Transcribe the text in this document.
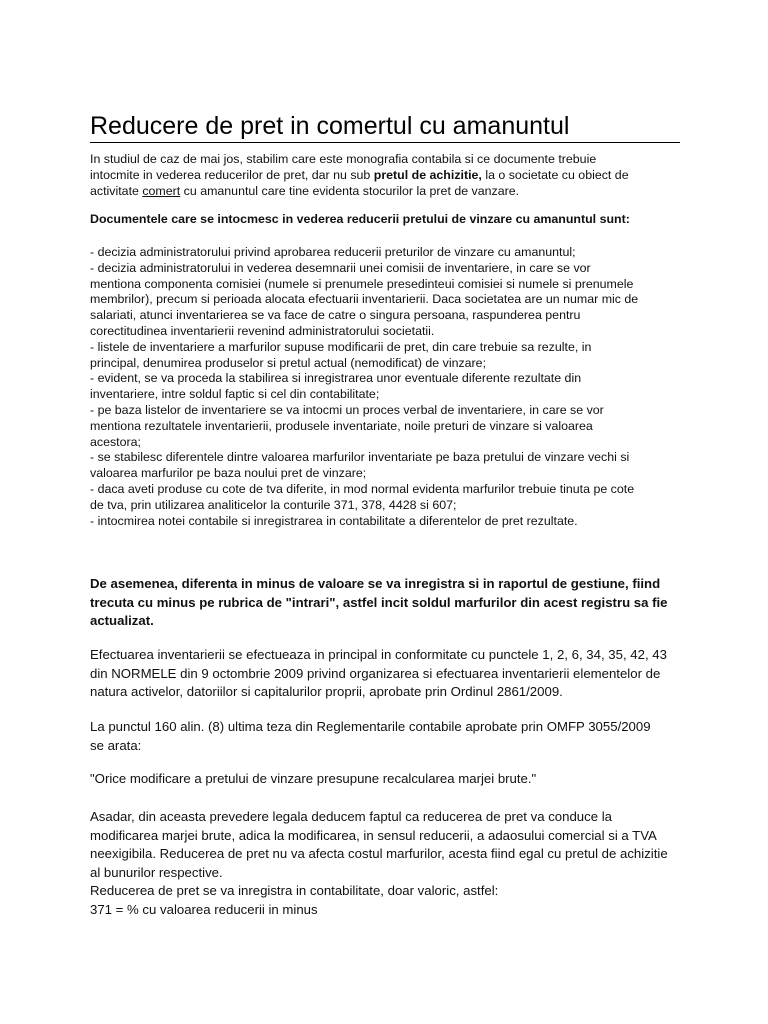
Reducere de pret in comertul cu amanuntul
In studiul de caz de mai jos, stabilim care este monografia contabila si ce documente trebuie
intocmite in vederea reducerilor de pret, dar nu sub pretul de achizitie, la o societate cu obiect de
activitate comert cu amanuntul care tine evidenta stocurilor la pret de vanzare.
Documentele care se intocmesc in vederea reducerii pretului de vinzare cu amanuntul sunt:
- decizia administratorului privind aprobarea reducerii preturilor de vinzare cu amanuntul;
- decizia administratorului in vederea desemnarii unei comisii de inventariere, in care se vor
mentiona componenta comisiei (numele si prenumele presedinteui comisiei si numele si prenumele
membrilor), precum si perioada alocata efectuarii inventarierii. Daca societatea are un numar mic de
salariati, atunci inventarierea se va face de catre o singura persoana, raspunderea pentru
corectitudinea inventarierii revenind administratorului societatii.
- listele de inventariere a marfurilor supuse modificarii de pret, din care trebuie sa rezulte, in
principal, denumirea produselor si pretul actual (nemodificat) de vinzare;
- evident, se va proceda la stabilirea si inregistrarea unor eventuale diferente rezultate din
inventariere, intre soldul faptic si cel din contabilitate;
- pe baza listelor de inventariere se va intocmi un proces verbal de inventariere, in care se vor
mentiona rezultatele inventarierii, produsele inventariate, noile preturi de vinzare si valoarea
acestora;
- se stabilesc diferentele dintre valoarea marfurilor inventariate pe baza pretului de vinzare vechi si
valoarea marfurilor pe baza noului pret de vinzare;
- daca aveti produse cu cote de tva diferite, in mod normal evidenta marfurilor trebuie tinuta pe cote
de tva, prin utilizarea analiticelor la conturile 371, 378, 4428 si 607;
- intocmirea notei contabile si inregistrarea in contabilitate a diferentelor de pret rezultate.
De asemenea, diferenta in minus de valoare se va inregistra si in raportul de gestiune, fiind
trecuta cu minus pe rubrica de "intrari", astfel incit soldul marfurilor din acest registru sa fie
actualizat.
Efectuarea inventarierii se efectueaza in principal in conformitate cu punctele 1, 2, 6, 34, 35, 42, 43
din NORMELE din 9 octombrie 2009 privind organizarea si efectuarea inventarierii elementelor de
natura activelor, datoriilor si capitalurilor proprii, aprobate prin Ordinul 2861/2009.
La punctul 160 alin. (8) ultima teza din Reglementarile contabile aprobate prin OMFP 3055/2009
se arata:
"Orice modificare a pretului de vinzare presupune recalcularea marjei brute."
Asadar, din aceasta prevedere legala deducem faptul ca reducerea de pret va conduce la
modificarea marjei brute, adica la modificarea, in sensul reducerii, a adaosului comercial si a TVA
neexigibila. Reducerea de pret nu va afecta costul marfurilor, acesta fiind egal cu pretul de achizitie
al bunurilor respective.
Reducerea de pret se va inregistra in contabilitate, doar valoric, astfel:
371 = % cu valoarea reducerii in minus
